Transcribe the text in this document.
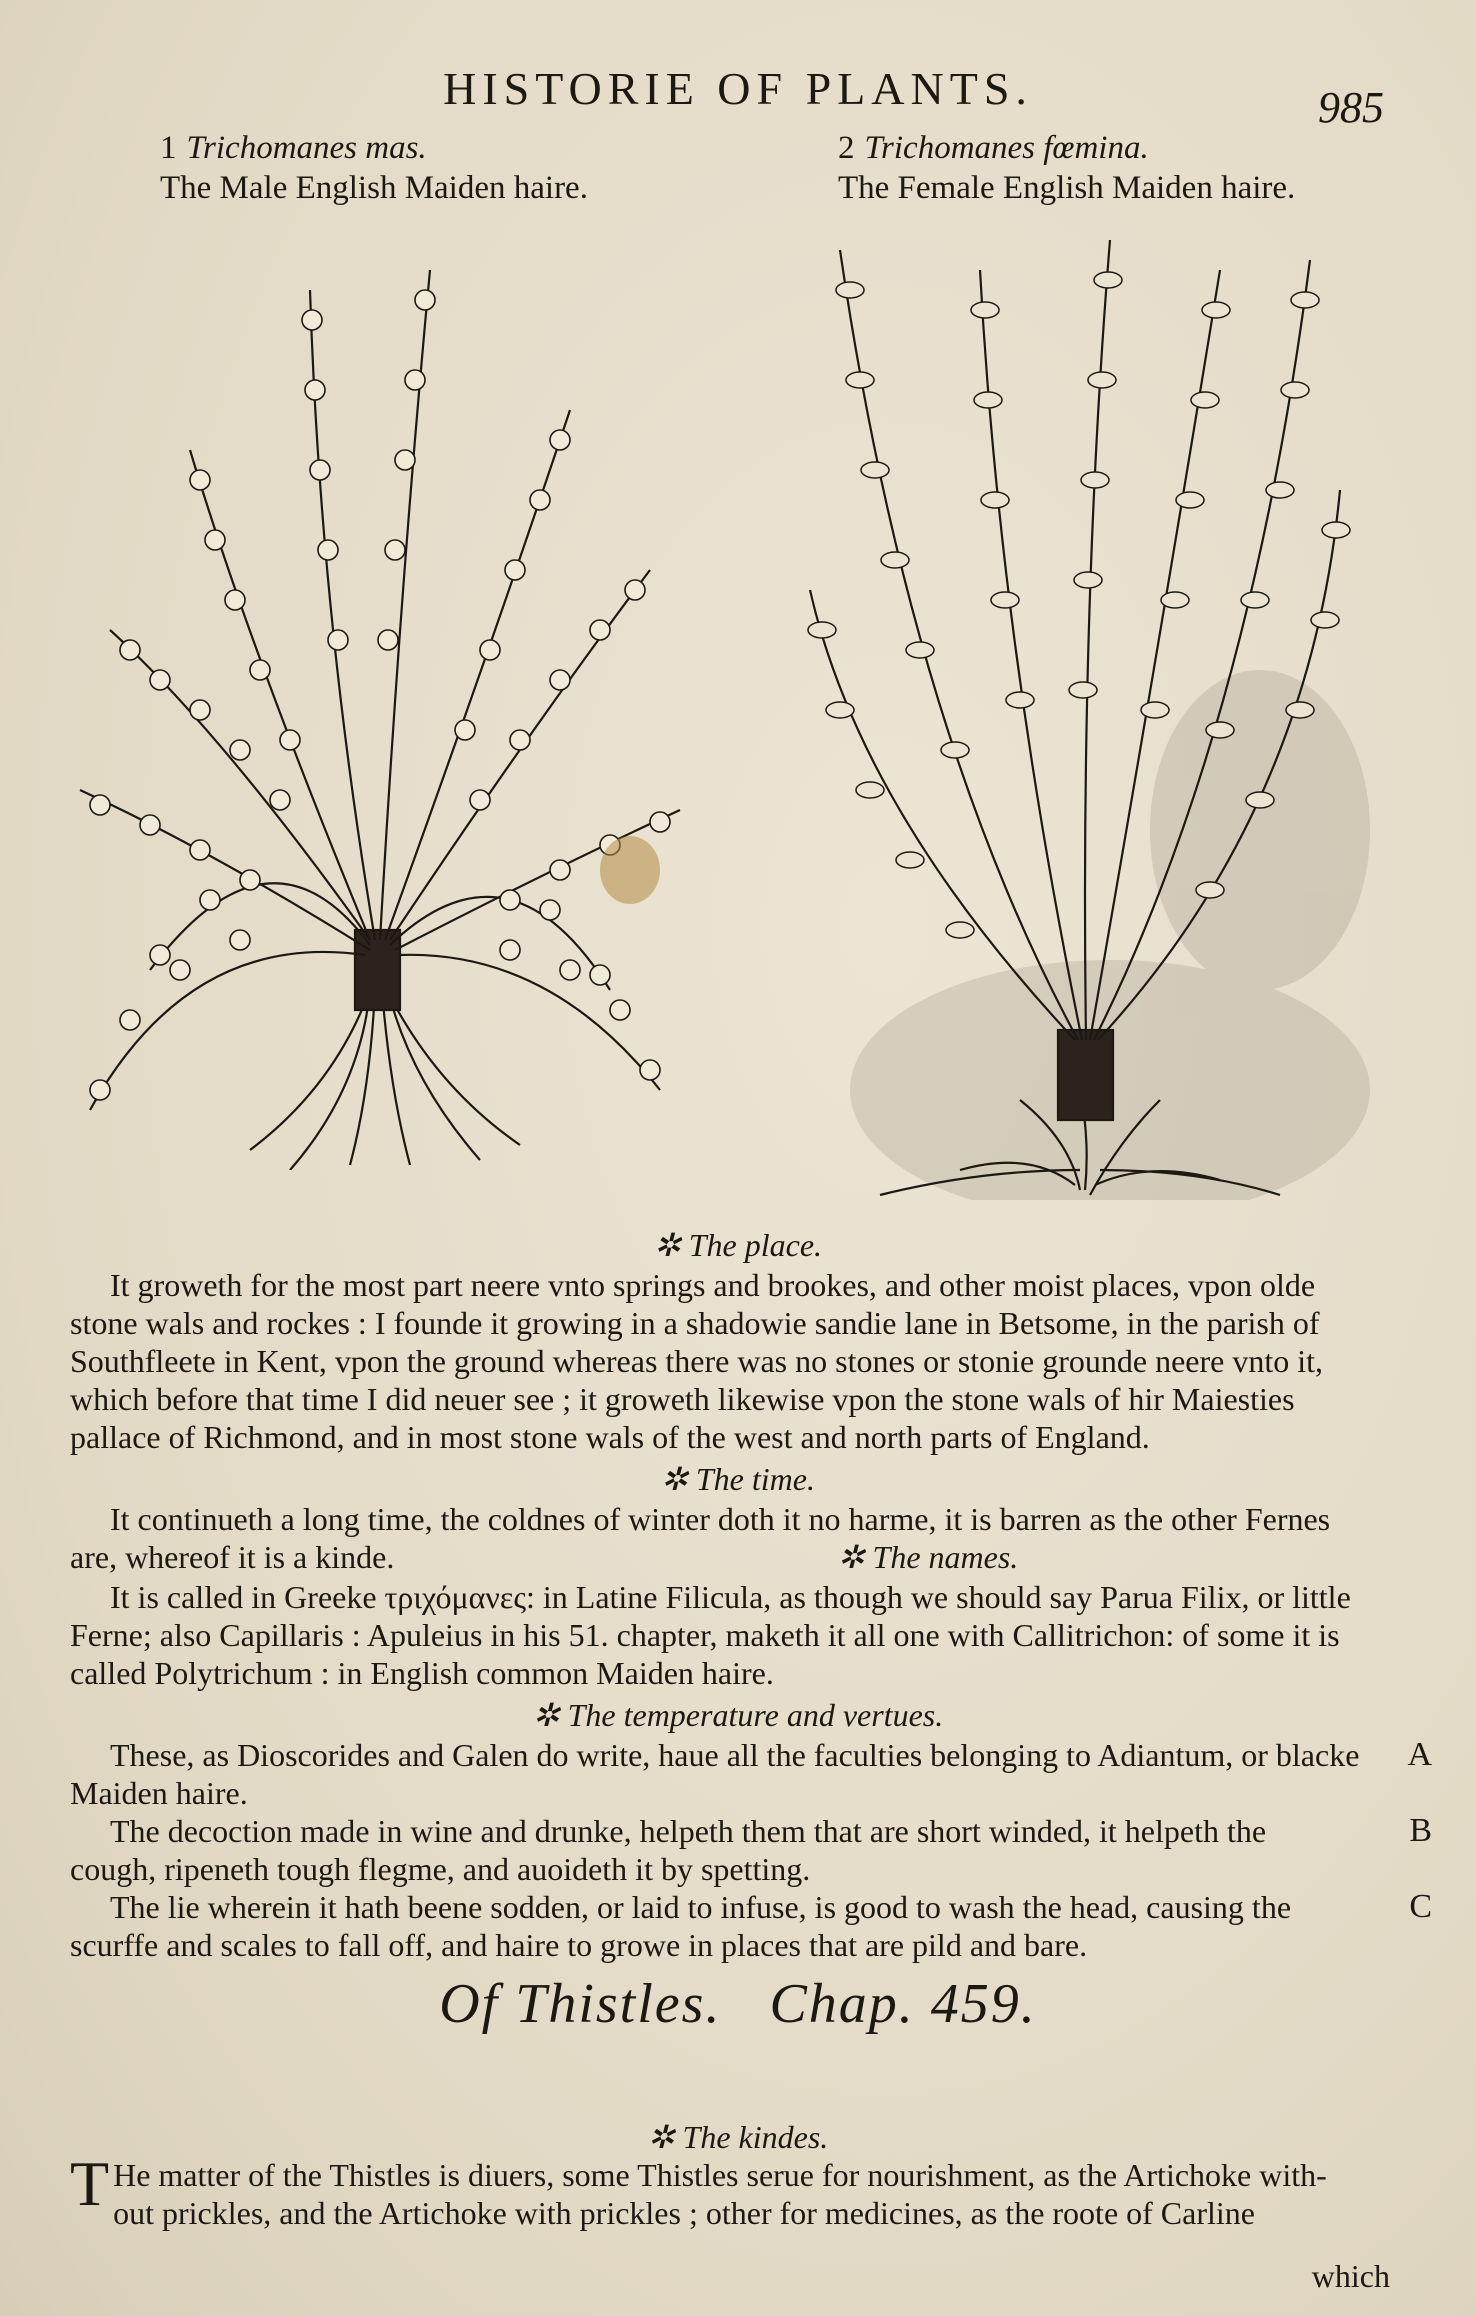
HISTORIE OF PLANTS.	985
1 Trichomanes mas.
The Male English Maiden haire.
2 Trichomanes fœmina.
The Female English Maiden haire.
✲ The place.
It groweth for the most part neere vnto springs and brookes, and other moist places, vpon olde
stone wals and rockes : I founde it growing in a shadowie sandie lane in Betsome, in the parish of
Southfleete in Kent, vpon the ground whereas there was no stones or stonie grounde neere vnto it,
which before that time I did neuer see ; it groweth likewise vpon the stone wals of hir Maiesties
pallace of Richmond, and in most stone wals of the west and north parts of England.
✲ The time.
It continueth a long time, the coldnes of winter doth it no harme, it is barren as the other Fernes
are, whereof it is a kinde.	✲ The names.
It is called in Greeke τριχόμανες: in Latine Filicula, as though we should say Parua Filix, or little
Ferne; also Capillaris : Apuleius in his 51. chapter, maketh it all one with Callitrichon: of some it is
called Polytrichum : in English common Maiden haire.
✲ The temperature and vertues.
These, as Dioscorides and Galen do write, haue all the faculties belonging to Adiantum, or blacke
Maiden haire.
The decoction made in wine and drunke, helpeth them that are short winded, it helpeth the
cough, ripeneth tough flegme, and auoideth it by spetting.
The lie wherein it hath beene sodden, or laid to infuse, is good to wash the head, causing the
scurffe and scales to fall off, and haire to growe in places that are pild and bare.
A
B
C
Of Thistles. Chap. 459.
✲ The kindes.
T He matter of the Thistles is diuers, some Thistles serue for nourishment, as the Artichoke with-
out prickles, and the Artichoke with prickles ; other for medicines, as the roote of Carline
which
